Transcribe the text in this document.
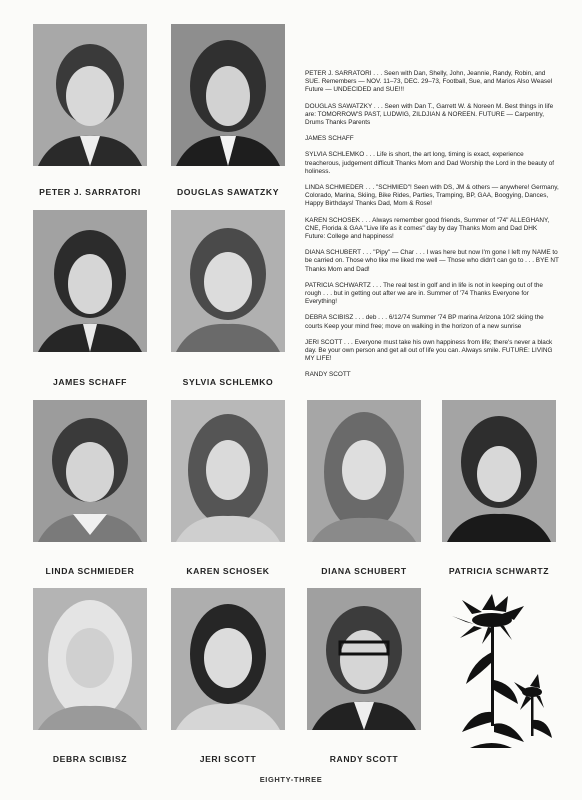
PETER J. SARRATORI	DOUGLAS SAWATZKY
JAMES SCHAFF	SYLVIA SCHLEMKO
LINDA SCHMIEDER	KAREN SCHOSEK	DIANA SCHUBERT	PATRICIA SCHWARTZ
DEBRA SCIBISZ	JERI SCOTT	RANDY SCOTT

PETER J. SARRATORI . . . Seen with Dan, Shelly, John, Jeannie, Randy, Robin, and SUE. Remembers — NOV. 11–73, DEC. 29–73, Football, Sue, and Marios Also Weasel Future — UNDECIDED and SUE!!!

DOUGLAS SAWATZKY . . . Seen with Dan T., Garrett W. & Noreen M. Best things in life are: TOMORROW'S PAST, LUDWIG, ZILDJIAN & NOREEN. FUTURE — Carpentry, Drums Thanks Parents

JAMES SCHAFF

SYLVIA SCHLEMKO . . . Life is short, the art long, timing is exact, experience treacherous, judgement difficult Thanks Mom and Dad Worship the Lord in the beauty of holiness.

LINDA SCHMIEDER . . . "SCHMIED"! Seen with DS, JM & others — anywhere! Germany, Colorado, Marina, Skiing, Bike Rides, Parties, Tramping, BP, GAA, Boogying, Dances, Happy Birthdays! Thanks Dad, Mom & Rose!

KAREN SCHOSEK . . . Always remember good friends, Summer of "74" ALLEGHANY, CNE, Florida & GAA "Live life as it comes" day by day Thanks Mom and Dad DHK Future: College and happiness!

DIANA SCHUBERT . . . "Pipy" — Char . . . I was here but now I'm gone I left my NAME to be carried on. Those who like me liked me well — Those who didn't can go to . . . BYE NT Thanks Mom and Dad!

PATRICIA SCHWARTZ . . . The real test in golf and in life is not in keeping out of the rough . . . but in getting out after we are in. Summer of '74 Thanks Everyone for Everything!

DEBRA SCIBISZ . . . deb . . . 6/12/74 Summer '74 BP marina Arizona 10/2 skiing the courts Keep your mind free; move on walking in the horizon of a new sunrise

JERI SCOTT . . . Everyone must take his own happiness from life; there's never a black day. Be your own person and get all out of life you can. Always smile. FUTURE: LIVING MY LIFE!

RANDY SCOTT

EIGHTY-THREE
